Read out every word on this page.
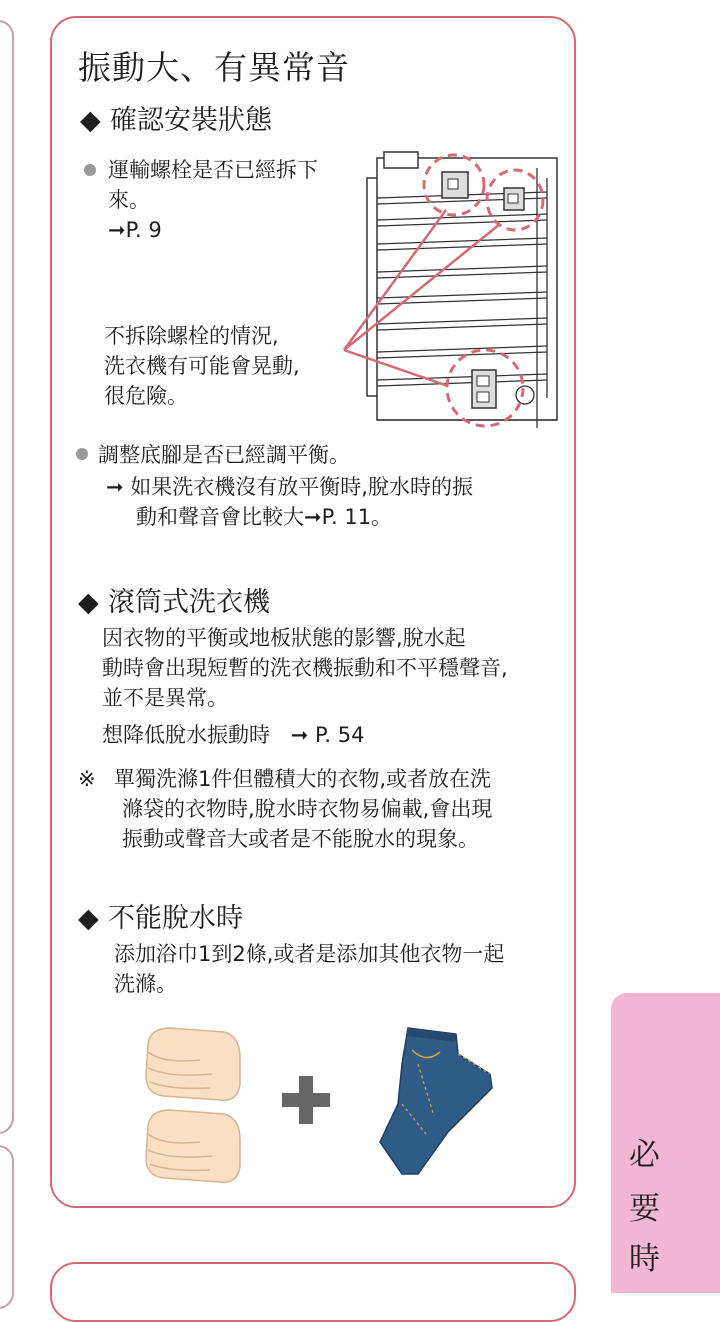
振動大、有異常音
◆ 確認安裝狀態
運輸螺栓是否已經拆下
來。
➞P. 9
不拆除螺栓的情況,
洗衣機有可能會晃動,
很危險。
調整底腳是否已經調平衡。
➞ 如果洗衣機沒有放平衡時,脫水時的振
動和聲音會比較大➞P. 11。
◆ 滾筒式洗衣機
因衣物的平衡或地板狀態的影響,脫水起
動時會出現短暫的洗衣機振動和不平穩聲音,
並不是異常。
想降低脫水振動時 ➞ P. 54
※ 單獨洗滌1件但體積大的衣物,或者放在洗
滌袋的衣物時,脫水時衣物易偏載,會出現
振動或聲音大或者是不能脫水的現象。
◆ 不能脫水時
添加浴巾1到2條,或者是添加其他衣物一起
洗滌。
必
要
時
